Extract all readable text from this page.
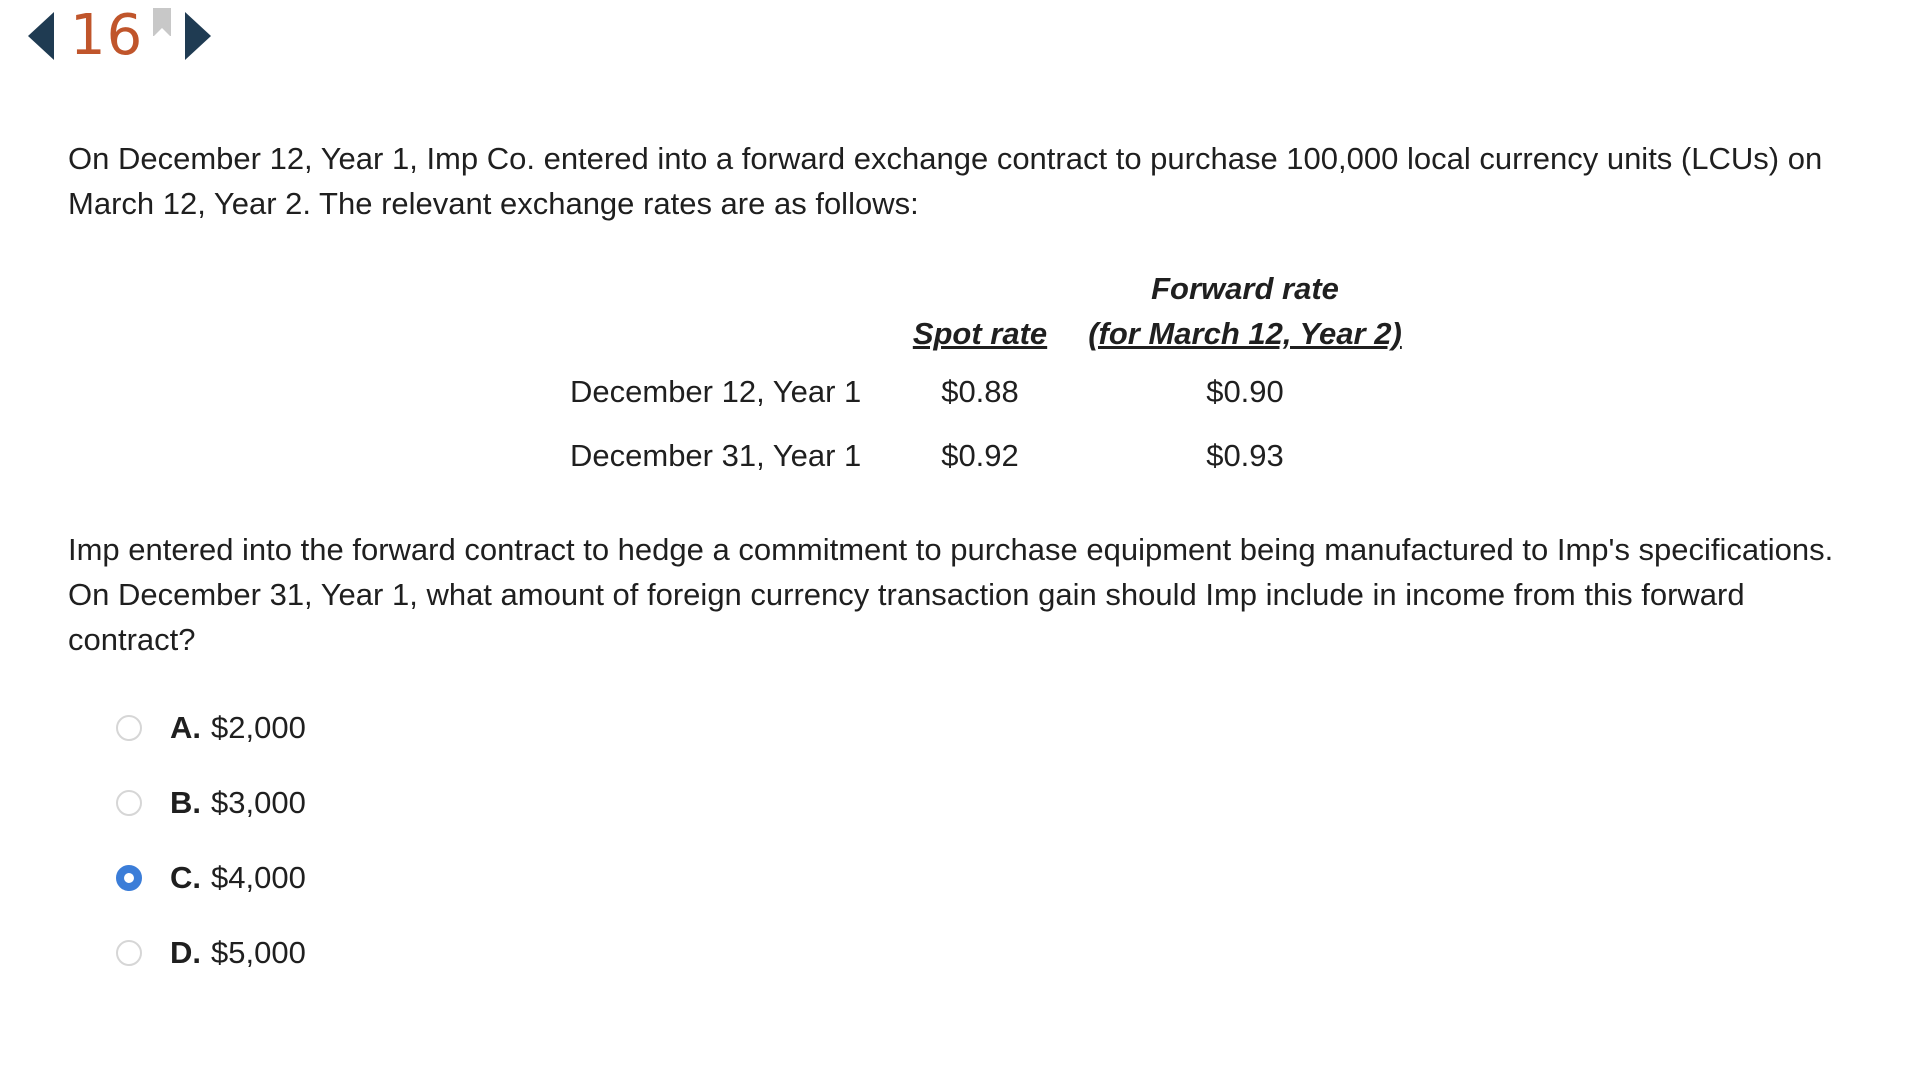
16
On December 12, Year 1, Imp Co. entered into a forward exchange contract to purchase 100,000 local currency units (LCUs) on March 12, Year 2. The relevant exchange rates are as follows:
		Forward rate
	Spot rate	(for March 12, Year 2)
December 12, Year 1	$0.88	$0.90
December 31, Year 1	$0.92	$0.93
Imp entered into the forward contract to hedge a commitment to purchase equipment being manufactured to Imp's specifications. On December 31, Year 1, what amount of foreign currency transaction gain should Imp include in income from this forward contract?
A. $2,000
B. $3,000
C. $4,000
D. $5,000
